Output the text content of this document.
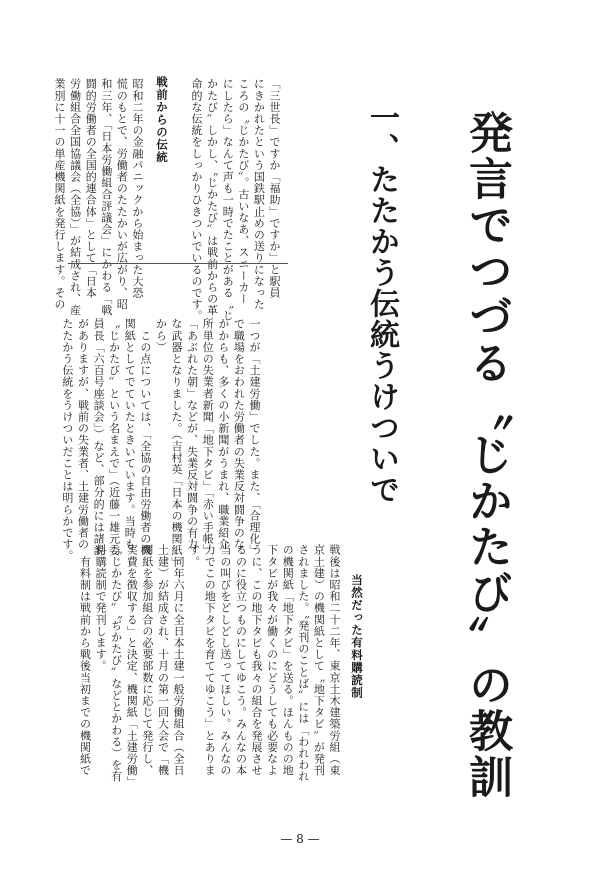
発言でつづる〝じかたび〟の教訓
一、たたかう伝統うけついで
「三世長」ですか「福助」ですか」と駅員
にきかれたという国鉄駅止めの送りになった
ころの〝じかたび〟。古いなあ、スニーカー
にしたら」なんて声も一時でたことがある〝じ
かたび〟しかし、〝じかたび〟は戦前からの革
命的な伝統をしっかりひきついでいるのです。
戦前からの伝統
昭和二年の金融パニックから始まった大恐
慌のもとで、労働者のたたかいが広がり、昭
和三年、「日本労働組合評議会」にかわる「戦
闘的労働者の全国的連合体」として「日本
労働組合全国協議会（全協）」が結成され、産
業別に十一の単産機関紙を発行します。その
一つが「土建労働」でした。また、「合理化」
で職場をおわれた労働者の失業反対闘争のな
かからも、多くの小新聞がうまれ、職業紹介
所単位の失業者新聞「地下タビ」「赤い手帳」
「あぶれた朝」などが、失業反対闘争の有力
な武器となりました。（吉村英「日本の機関紙」
から）
　この点については、「全協の自由労働者の機
関紙としてでていたときいています。当時も
〝じかたび〟という名まえで」（近藤一雄元委
員長「六百号座談会」）など、部分的には諸説
がありますが、戦前の失業者、土建労働者の
たたかう伝統をうけついだことは明らかです。
当然だった有料購読制
戦後は昭和二十二年、東京土木建築労組（東
京土建）の機関紙として〝地下タビ〟が発刊
されました。〝発刊のことば〟には「われわれ
の機関紙「地下タビ」を送る。ほんものの地
下タビが我々が働くのにどうしても必要なよ
うに、この地下タビも我々の組合を発展させ
るのに役立つものにしてゆこう。みんなの本
当の叫びをどしどし送ってほしい。みんなの
力でこの地下タビを育ててゆこう」とありま
す。
　同年六月に全日本土建一般労働組合（全日
土建）が結成され、十月の第一回大会で「機
関紙を参加組合の必要部数に応じて発行し、
実費を徴収する」と決定、機関紙「土建労働」
〝じかたび〟〝ぢかたび〟などとかわる）を有
料購読制で発刊します。
　有料制は戦前から戦後当初までの機関紙で
— 8 —
